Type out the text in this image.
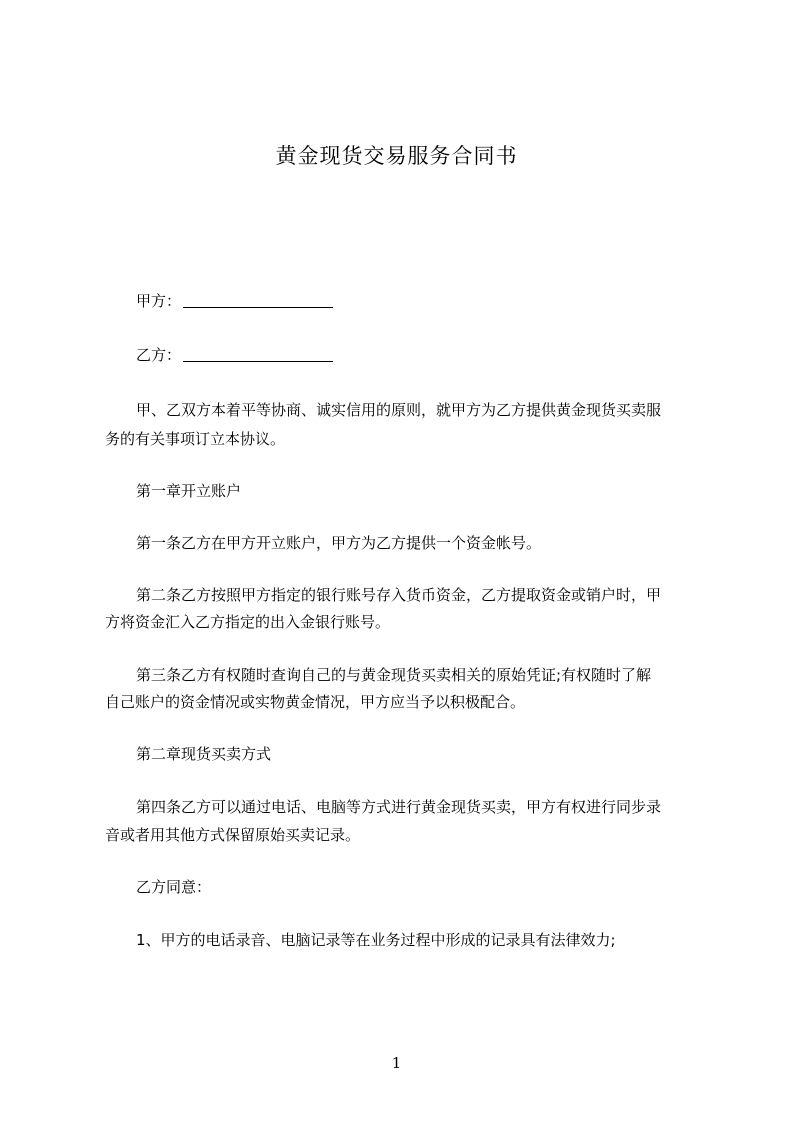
黄金现货交易服务合同书
甲方：
乙方：
甲、乙双方本着平等协商、诚实信用的原则，就甲方为乙方提供黄金现货买卖服
务的有关事项订立本协议。
第一章开立账户
第一条乙方在甲方开立账户，甲方为乙方提供一个资金帐号。
第二条乙方按照甲方指定的银行账号存入货币资金，乙方提取资金或销户时，甲
方将资金汇入乙方指定的出入金银行账号。
第三条乙方有权随时查询自己的与黄金现货买卖相关的原始凭证;有权随时了解
自己账户的资金情况或实物黄金情况，甲方应当予以积极配合。
第二章现货买卖方式
第四条乙方可以通过电话、电脑等方式进行黄金现货买卖，甲方有权进行同步录
音或者用其他方式保留原始买卖记录。
乙方同意：
1、甲方的电话录音、电脑记录等在业务过程中形成的记录具有法律效力;
1
